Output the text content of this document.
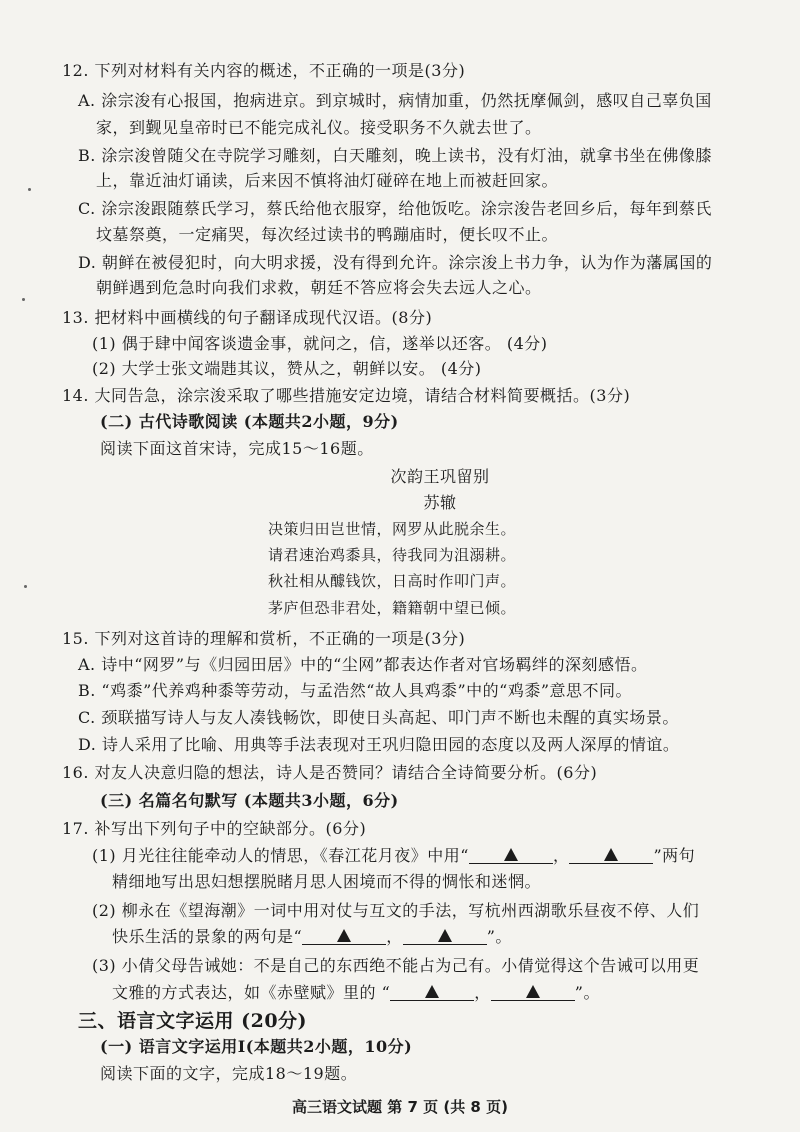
12. 下列对材料有关内容的概述，不正确的一项是(3分)
A. 涂宗浚有心报国，抱病进京。到京城时，病情加重，仍然抚摩佩剑，感叹自己辜负国
家，到觐见皇帝时已不能完成礼仪。接受职务不久就去世了。
B. 涂宗浚曾随父在寺院学习雕刻，白天雕刻，晚上读书，没有灯油，就拿书坐在佛像膝
上，靠近油灯诵读，后来因不慎将油灯碰碎在地上而被赶回家。
C. 涂宗浚跟随蔡氏学习，蔡氏给他衣服穿，给他饭吃。涂宗浚告老回乡后，每年到蔡氏
坟墓祭奠，一定痛哭，每次经过读书的鸭蹦庙时，便长叹不止。
D. 朝鲜在被侵犯时，向大明求援，没有得到允许。涂宗浚上书力争，认为作为藩属国的
朝鲜遇到危急时向我们求救，朝廷不答应将会失去远人之心。
13. 把材料中画横线的句子翻译成现代汉语。(8分)
(1) 偶于肆中闻客谈遗金事，就问之，信，遂举以还客。 (4分)
(2) 大学士张文端韪其议，赞从之，朝鲜以安。 (4分)
14. 大同告急，涂宗浚采取了哪些措施安定边境，请结合材料简要概括。(3分)
(二) 古代诗歌阅读 (本题共2小题，9分)
阅读下面这首宋诗，完成15～16题。
次韵王巩留别
苏辙
决策归田岂世情，网罗从此脱余生。
请君速治鸡黍具，待我同为沮溺耕。
秋社相从醵钱饮，日高时作叩门声。
茅庐但恐非君处，籍籍朝中望已倾。
15. 下列对这首诗的理解和赏析，不正确的一项是(3分)
A. 诗中“网罗”与《归园田居》中的“尘网”都表达作者对官场羁绊的深刻感悟。
B. “鸡黍”代养鸡种黍等劳动，与孟浩然“故人具鸡黍”中的“鸡黍”意思不同。
C. 颈联描写诗人与友人凑钱畅饮，即使日头高起、叩门声不断也未醒的真实场景。
D. 诗人采用了比喻、用典等手法表现对王巩归隐田园的态度以及两人深厚的情谊。
16. 对友人决意归隐的想法，诗人是否赞同？请结合全诗简要分析。(6分)
(三) 名篇名句默写 (本题共3小题，6分)
17. 补写出下列句子中的空缺部分。(6分)
(1) 月光往往能牵动人的情思，《春江花月夜》中用“	，	”两句
精细地写出思妇想摆脱睹月思人困境而不得的惆怅和迷惘。
(2) 柳永在《望海潮》一词中用对仗与互文的手法，写杭州西湖歌乐昼夜不停、人们
快乐生活的景象的两句是“	，	”。
(3) 小倩父母告诫她：不是自己的东西绝不能占为己有。小倩觉得这个告诫可以用更
文雅的方式表达，如《赤壁赋》里的 “	，	”。
三、语言文字运用 (20分)
(一) 语言文字运用Ⅰ(本题共2小题，10分)
阅读下面的文字，完成18～19题。
高三语文试题 第 7 页 (共 8 页)
